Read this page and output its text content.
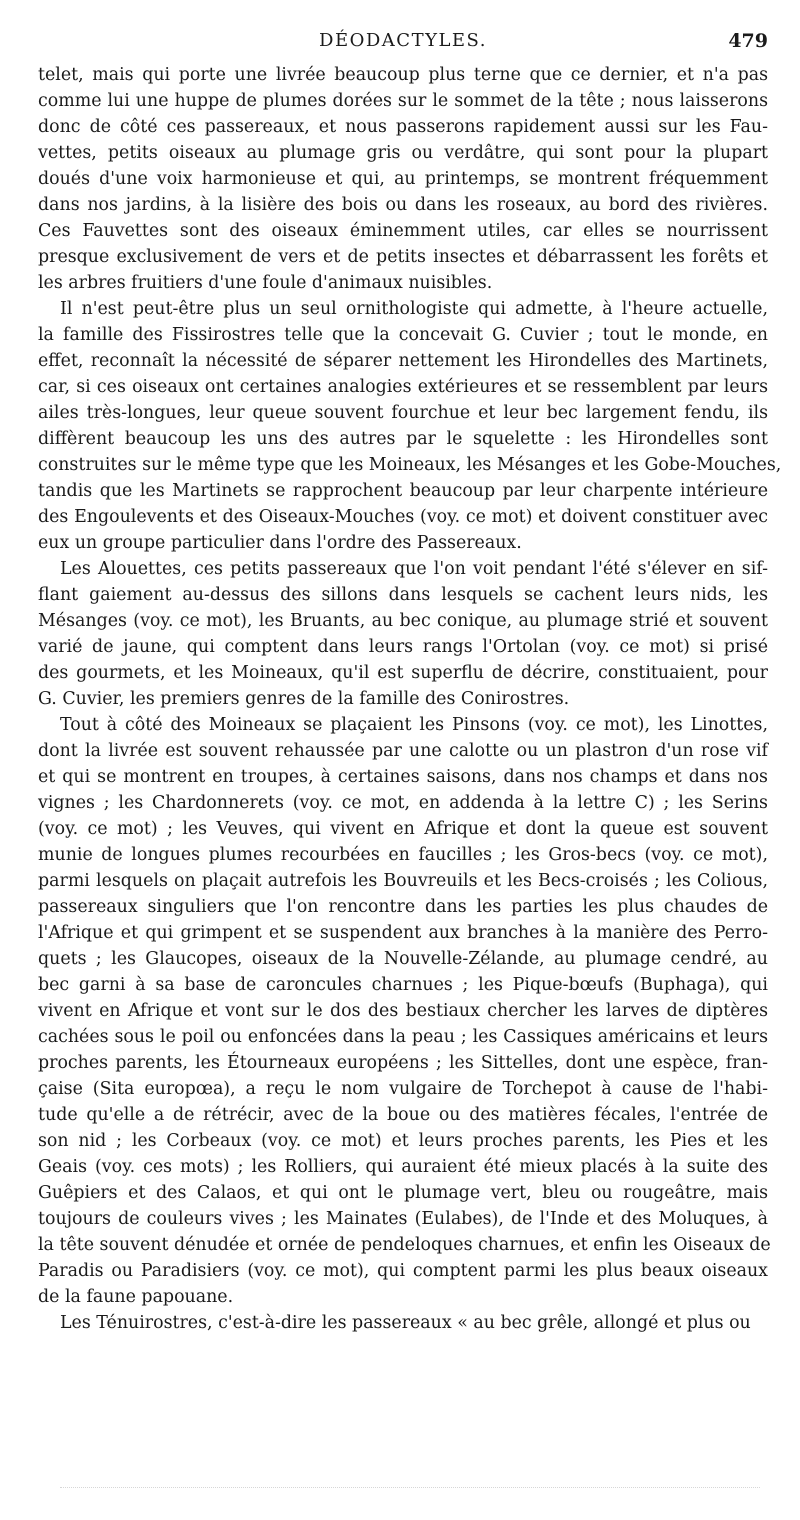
DÉODACTYLES.	479
telet, mais qui porte une livrée beaucoup plus terne que ce dernier, et n'a pas
comme lui une huppe de plumes dorées sur le sommet de la tête ; nous laisserons
donc de côté ces passereaux, et nous passerons rapidement aussi sur les Fau-
vettes, petits oiseaux au plumage gris ou verdâtre, qui sont pour la plupart
doués d'une voix harmonieuse et qui, au printemps, se montrent fréquemment
dans nos jardins, à la lisière des bois ou dans les roseaux, au bord des rivières.
Ces Fauvettes sont des oiseaux éminemment utiles, car elles se nourrissent
presque exclusivement de vers et de petits insectes et débarrassent les forêts et
les arbres fruitiers d'une foule d'animaux nuisibles.
Il n'est peut-être plus un seul ornithologiste qui admette, à l'heure actuelle,
la famille des Fissirostres telle que la concevait G. Cuvier ; tout le monde, en
effet, reconnaît la nécessité de séparer nettement les Hirondelles des Martinets,
car, si ces oiseaux ont certaines analogies extérieures et se ressemblent par leurs
ailes très-longues, leur queue souvent fourchue et leur bec largement fendu, ils
diffèrent beaucoup les uns des autres par le squelette : les Hirondelles sont
construites sur le même type que les Moineaux, les Mésanges et les Gobe-Mouches,
tandis que les Martinets se rapprochent beaucoup par leur charpente intérieure
des Engoulevents et des Oiseaux-Mouches (voy. ce mot) et doivent constituer avec
eux un groupe particulier dans l'ordre des Passereaux.
Les Alouettes, ces petits passereaux que l'on voit pendant l'été s'élever en sif-
flant gaiement au-dessus des sillons dans lesquels se cachent leurs nids, les
Mésanges (voy. ce mot), les Bruants, au bec conique, au plumage strié et souvent
varié de jaune, qui comptent dans leurs rangs l'Ortolan (voy. ce mot) si prisé
des gourmets, et les Moineaux, qu'il est superflu de décrire, constituaient, pour
G. Cuvier, les premiers genres de la famille des Conirostres.
Tout à côté des Moineaux se plaçaient les Pinsons (voy. ce mot), les Linottes,
dont la livrée est souvent rehaussée par une calotte ou un plastron d'un rose vif
et qui se montrent en troupes, à certaines saisons, dans nos champs et dans nos
vignes ; les Chardonnerets (voy. ce mot, en addenda à la lettre C) ; les Serins
(voy. ce mot) ; les Veuves, qui vivent en Afrique et dont la queue est souvent
munie de longues plumes recourbées en faucilles ; les Gros-becs (voy. ce mot),
parmi lesquels on plaçait autrefois les Bouvreuils et les Becs-croisés ; les Colious,
passereaux singuliers que l'on rencontre dans les parties les plus chaudes de
l'Afrique et qui grimpent et se suspendent aux branches à la manière des Perro-
quets ; les Glaucopes, oiseaux de la Nouvelle-Zélande, au plumage cendré, au
bec garni à sa base de caroncules charnues ; les Pique-bœufs (Buphaga), qui
vivent en Afrique et vont sur le dos des bestiaux chercher les larves de diptères
cachées sous le poil ou enfoncées dans la peau ; les Cassiques américains et leurs
proches parents, les Étourneaux européens ; les Sittelles, dont une espèce, fran-
çaise (Sita europœa), a reçu le nom vulgaire de Torchepot à cause de l'habi-
tude qu'elle a de rétrécir, avec de la boue ou des matières fécales, l'entrée de
son nid ; les Corbeaux (voy. ce mot) et leurs proches parents, les Pies et les
Geais (voy. ces mots) ; les Rolliers, qui auraient été mieux placés à la suite des
Guêpiers et des Calaos, et qui ont le plumage vert, bleu ou rougeâtre, mais
toujours de couleurs vives ; les Mainates (Eulabes), de l'Inde et des Moluques, à
la tête souvent dénudée et ornée de pendeloques charnues, et enfin les Oiseaux de
Paradis ou Paradisiers (voy. ce mot), qui comptent parmi les plus beaux oiseaux
de la faune papouane.
Les Ténuirostres, c'est-à-dire les passereaux « au bec grêle, allongé et plus ou
